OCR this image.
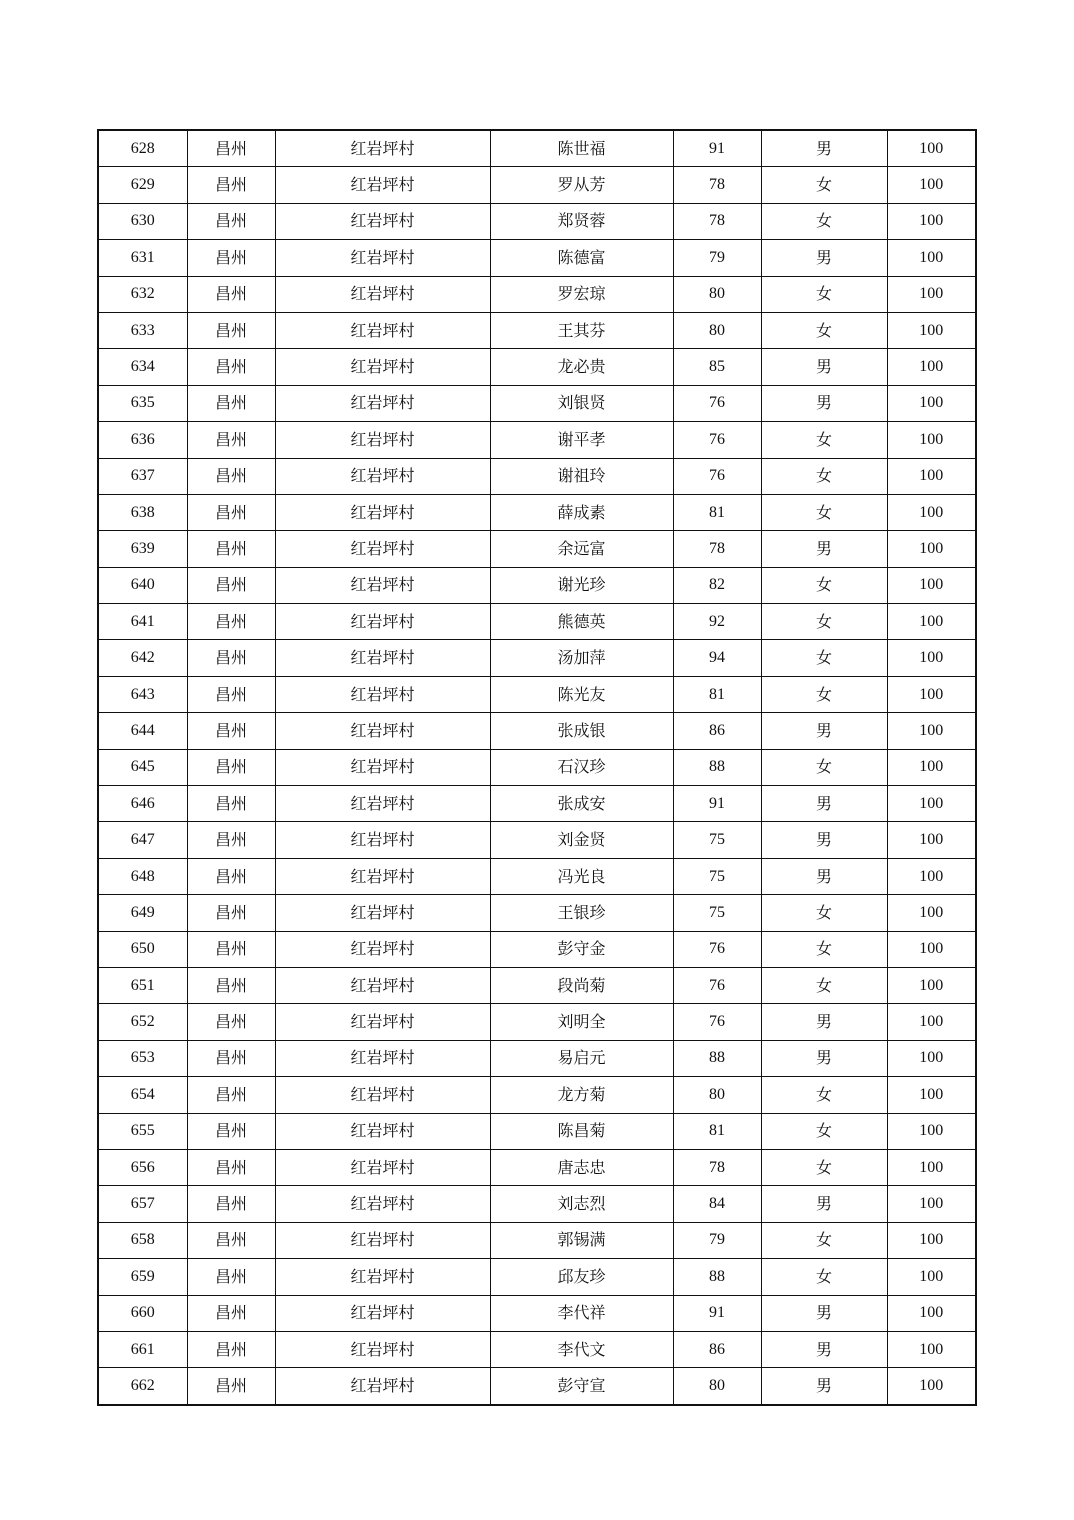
628	昌州	红岩坪村	陈世福	91	男	100
629	昌州	红岩坪村	罗从芳	78	女	100
630	昌州	红岩坪村	郑贤蓉	78	女	100
631	昌州	红岩坪村	陈德富	79	男	100
632	昌州	红岩坪村	罗宏琼	80	女	100
633	昌州	红岩坪村	王其芬	80	女	100
634	昌州	红岩坪村	龙必贵	85	男	100
635	昌州	红岩坪村	刘银贤	76	男	100
636	昌州	红岩坪村	谢平孝	76	女	100
637	昌州	红岩坪村	谢祖玲	76	女	100
638	昌州	红岩坪村	薛成素	81	女	100
639	昌州	红岩坪村	余远富	78	男	100
640	昌州	红岩坪村	谢光珍	82	女	100
641	昌州	红岩坪村	熊德英	92	女	100
642	昌州	红岩坪村	汤加萍	94	女	100
643	昌州	红岩坪村	陈光友	81	女	100
644	昌州	红岩坪村	张成银	86	男	100
645	昌州	红岩坪村	石汉珍	88	女	100
646	昌州	红岩坪村	张成安	91	男	100
647	昌州	红岩坪村	刘金贤	75	男	100
648	昌州	红岩坪村	冯光良	75	男	100
649	昌州	红岩坪村	王银珍	75	女	100
650	昌州	红岩坪村	彭守金	76	女	100
651	昌州	红岩坪村	段尚菊	76	女	100
652	昌州	红岩坪村	刘明全	76	男	100
653	昌州	红岩坪村	易启元	88	男	100
654	昌州	红岩坪村	龙方菊	80	女	100
655	昌州	红岩坪村	陈昌菊	81	女	100
656	昌州	红岩坪村	唐志忠	78	女	100
657	昌州	红岩坪村	刘志烈	84	男	100
658	昌州	红岩坪村	郭锡满	79	女	100
659	昌州	红岩坪村	邱友珍	88	女	100
660	昌州	红岩坪村	李代祥	91	男	100
661	昌州	红岩坪村	李代文	86	男	100
662	昌州	红岩坪村	彭守宣	80	男	100
